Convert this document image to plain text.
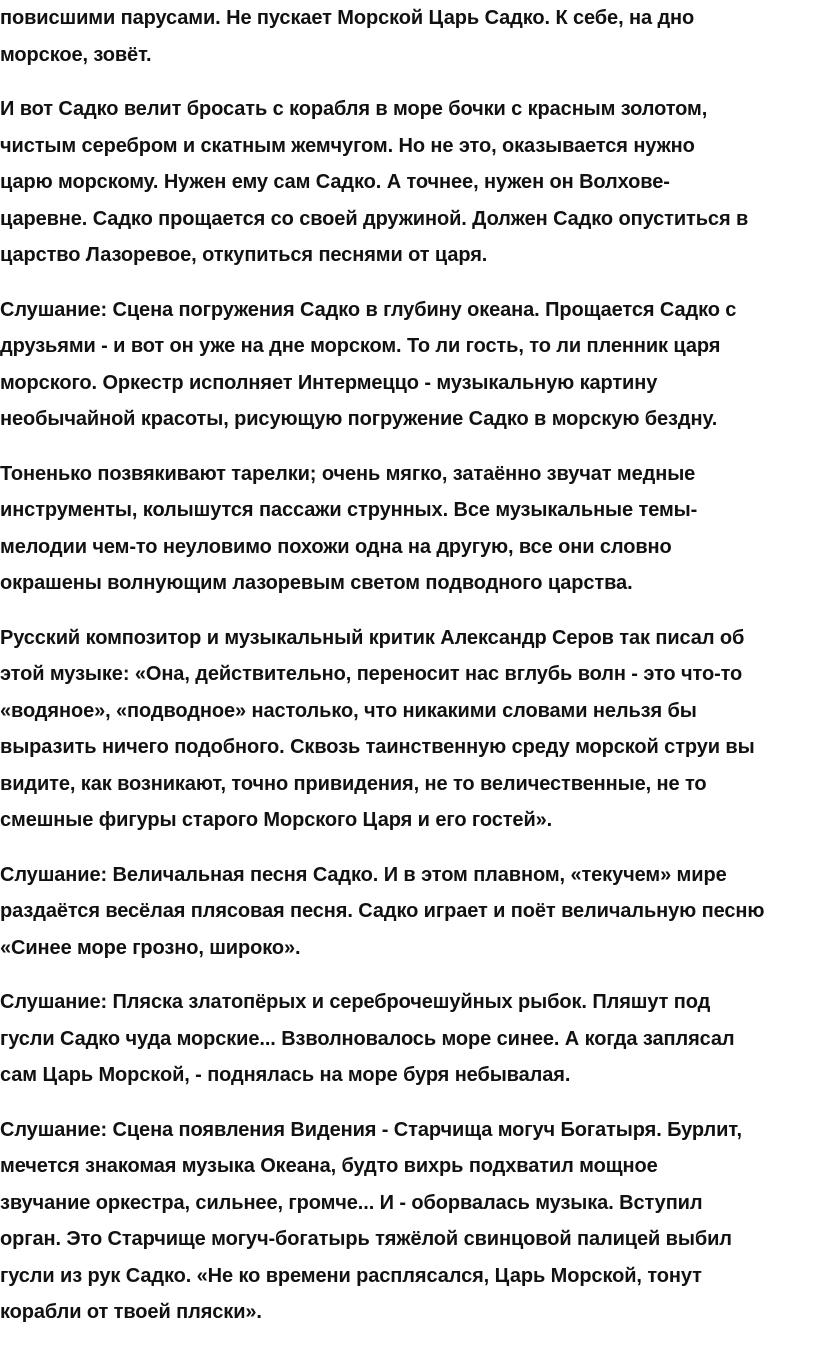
повисшими парусами. Не пускает Морской Царь Садко. К себе, на дно
морское, зовёт.

И вот Садко велит бросать с корабля в море бочки с красным золотом,
чистым серебром и скатным жемчугом. Но не это, оказывается нужно
царю морскому. Нужен ему сам Садко. А точнее, нужен он Волхове-
царевне. Садко прощается со своей дружиной. Должен Садко опуститься в
царство Лазоревое, откупиться песнями от царя.

Слушание: Сцена погружения Садко в глубину океана. Прощается Садко с
друзьями - и вот он уже на дне морском. То ли гость, то ли пленник царя
морского. Оркестр исполняет Интермеццо - музыкальную картину
необычайной красоты, рисующую погружение Садко в морскую бездну.

Тоненько позвякивают тарелки; очень мягко, затаённо звучат медные
инструменты, колышутся пассажи струнных. Все музыкальные темы-
мелодии чем-то неуловимо похожи одна на другую, все они словно
окрашены волнующим лазоревым светом подводного царства.

Русский композитор и музыкальный критик Александр Серов так писал об
этой музыке: «Она, действительно, переносит нас вглубь волн - это что-то
«водяное», «подводное» настолько, что никакими словами нельзя бы
выразить ничего подобного. Сквозь таинственную среду морской струи вы
видите, как возникают, точно привидения, не то величественные, не то
смешные фигуры старого Морского Царя и его гостей».

Слушание: Величальная песня Садко. И в этом плавном, «текучем» мире
раздаётся весёлая плясовая песня. Садко играет и поёт величальную песню
«Синее море грозно, широко».

Слушание: Пляска златопёрых и сереброчешуйных рыбок. Пляшут под
гусли Садко чуда морские... Взволновалось море синее. А когда заплясал
сам Царь Морской, - поднялась на море буря небывалая.

Слушание: Сцена появления Видения - Старчища могуч Богатыря. Бурлит,
мечется знакомая музыка Океана, будто вихрь подхватил мощное
звучание оркестра, сильнее, громче... И - оборвалась музыка. Вступил
орган. Это Старчище могуч-богатырь тяжёлой свинцовой палицей выбил
гусли из рук Садко. «Не ко времени расплясался, Царь Морской, тонут
корабли от твоей пляски».
